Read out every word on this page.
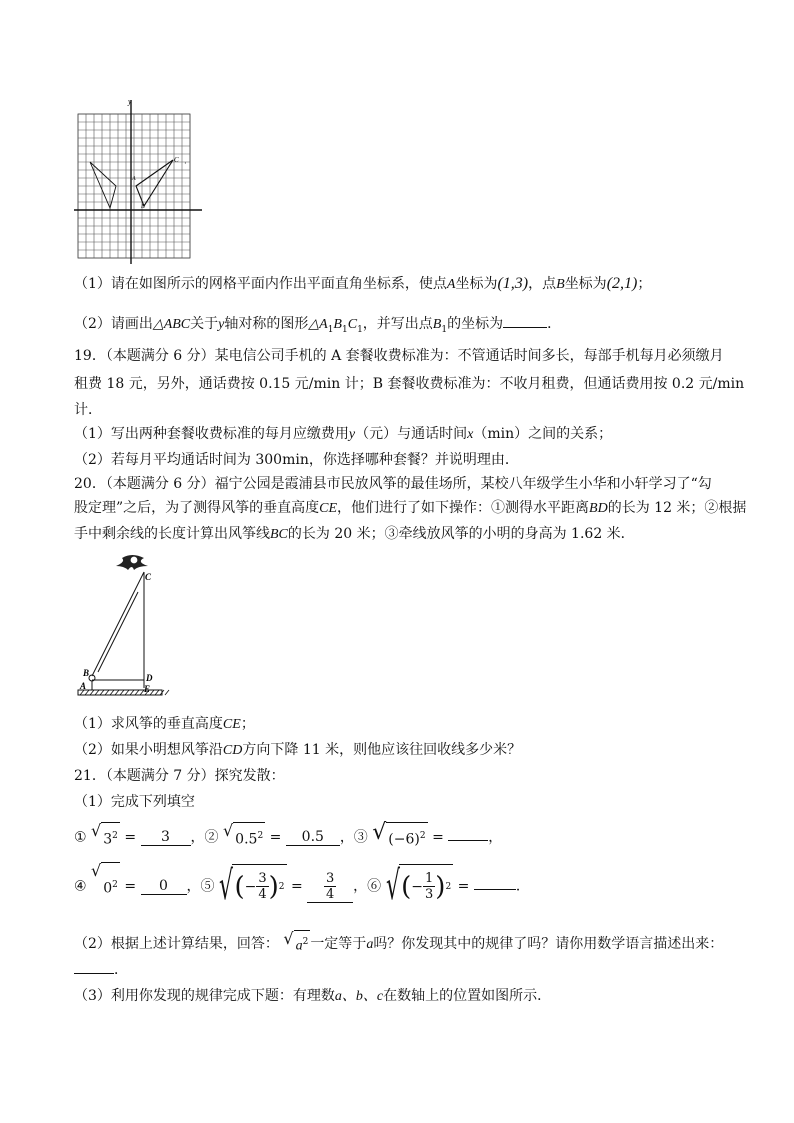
y
C ·
A
B
（1）请在如图所示的网格平面内作出平面直角坐标系，使点A坐标为(1,3)，点B坐标为(2,1)；
（2）请画出△ABC关于y轴对称的图形$\triangle A_1B_1C_1$，并写出点$B_1$的坐标为	．
19．（本题满分 6 分）某电信公司手机的 A 套餐收费标准为：不管通话时间多长，每部手机每月必须缴月
租费 18 元，另外，通话费按 0.15 元/min 计；B 套餐收费标准为：不收月租费，但通话费用按 0.2 元/min
计．
（1）写出两种套餐收费标准的每月应缴费用y（元）与通话时间x（min）之间的关系；
（2）若每月平均通话时间为 300min，你选择哪种套餐？并说明理由．
20．（本题满分 6 分）福宁公园是霞浦县市民放风筝的最佳场所，某校八年级学生小华和小轩学习了“勾
股定理”之后，为了测得风筝的垂直高度CE，他们进行了如下操作：①测得水平距离BD的长为 12 米；②根据
手中剩余线的长度计算出风筝线BC的长为 20 米；③牵线放风筝的小明的身高为 1.62 米．
C
B	D
A	E
（1）求风筝的垂直高度CE；
（2）如果小明想风筝沿CD方向下降 11 米，则他应该往回收线多少米？
21．（本题满分 7 分）探究发散：
（1）完成下列填空
① √ $3^2 = 3$ ，② √ $0.5^2 = 0.5$ ，③ √ $(-6)^2$ =	，
④
√
$0^2 = 0$ ，⑤ √ ( − $\frac{3}{4}$ ) $2 = \frac{3}{4}$ ，⑥ √ ( − $\frac{1}{3}$ ) 2 =	．
（2）根据上述计算结果，回答： √ $a^2$ 一定等于a吗？你发现其中的规律了吗？请你用数学语言描述出来：
．
（3）利用你发现的规律完成下题：有理数a、b、c在数轴上的位置如图所示．
